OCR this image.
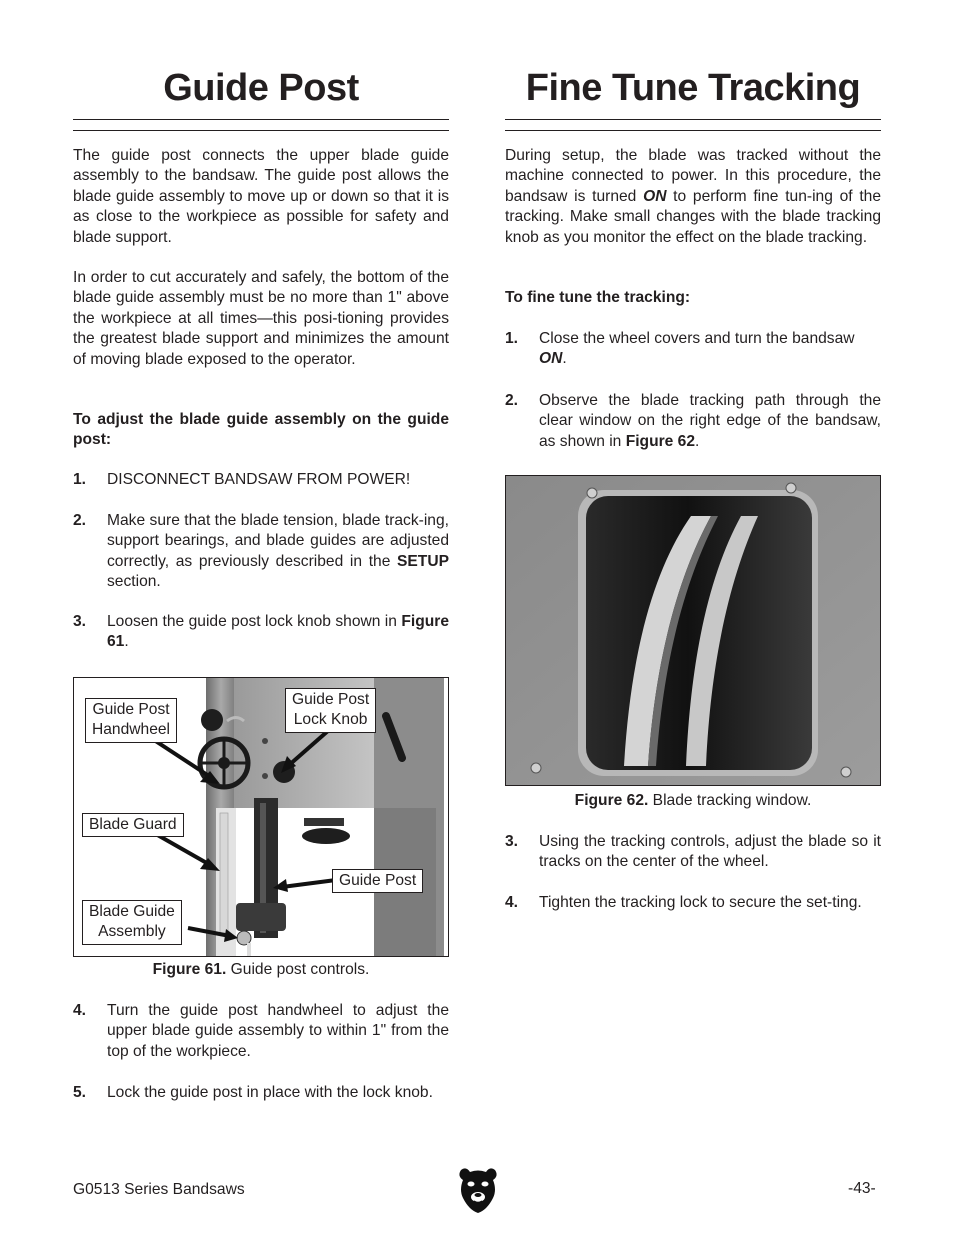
Guide Post

The guide post connects the upper blade guide assembly to the bandsaw. The guide post allows the blade guide assembly to move up or down so that it is as close to the workpiece as possible for safety and blade support.

In order to cut accurately and safely, the bottom of the blade guide assembly must be no more than 1" above the workpiece at all times—this posi-tioning provides the greatest blade support and minimizes the amount of moving blade exposed to the operator.

To adjust the blade guide assembly on the guide post:

1. DISCONNECT BANDSAW FROM POWER!
2. Make sure that the blade tension, blade track-ing, support bearings, and blade guides are adjusted correctly, as previously described in the SETUP section.
3. Loosen the guide post lock knob shown in Figure 61.
Guide Post
Handwheel
Guide Post
Lock Knob
Blade Guard
Guide Post
Blade Guide
Assembly
Figure 61. Guide post controls.
4. Turn the guide post handwheel to adjust the upper blade guide assembly to within 1" from the top of the workpiece.
5. Lock the guide post in place with the lock knob.
Fine Tune Tracking

During setup, the blade was tracked without the machine connected to power. In this procedure, the bandsaw is turned ON to perform fine tun-ing of the tracking. Make small changes with the blade tracking knob as you monitor the effect on the blade tracking.

To fine tune the tracking:

1. Close the wheel covers and turn the bandsaw ON.
2. Observe the blade tracking path through the clear window on the right edge of the bandsaw, as shown in Figure 62.
Figure 62. Blade tracking window.
3. Using the tracking controls, adjust the blade so it tracks on the center of the wheel.
4. Tighten the tracking lock to secure the set-ting.
G0513 Series Bandsaws	-43-
